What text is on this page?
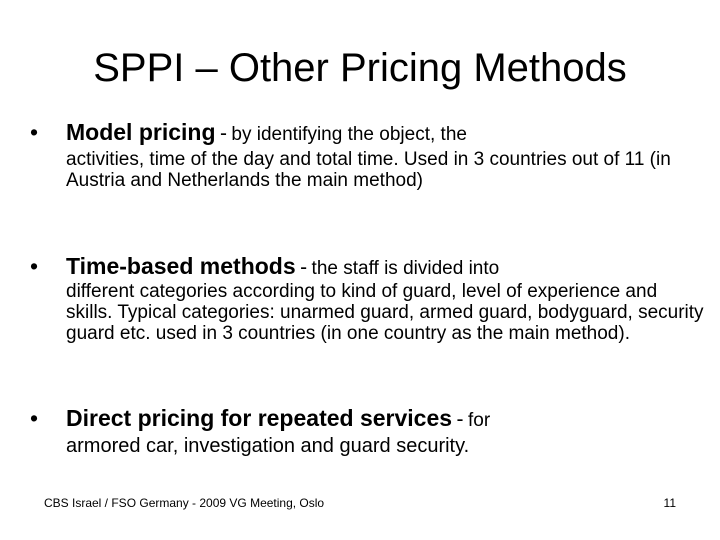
SPPI – Other Pricing Methods
• Model pricing - by identifying the object, the
activities, time of the day and total time. Used in 3 countries out of 11 (in Austria and Netherlands the main method)
• Time-based methods - the staff is divided into
different categories according to kind of guard, level of experience and skills. Typical categories: unarmed guard, armed guard, bodyguard, security guard etc. used in 3 countries (in one country as the main method).
• Direct pricing for repeated services - for
armored car, investigation and guard security.
CBS Israel / FSO Germany - 2009 VG Meeting, Oslo	11
